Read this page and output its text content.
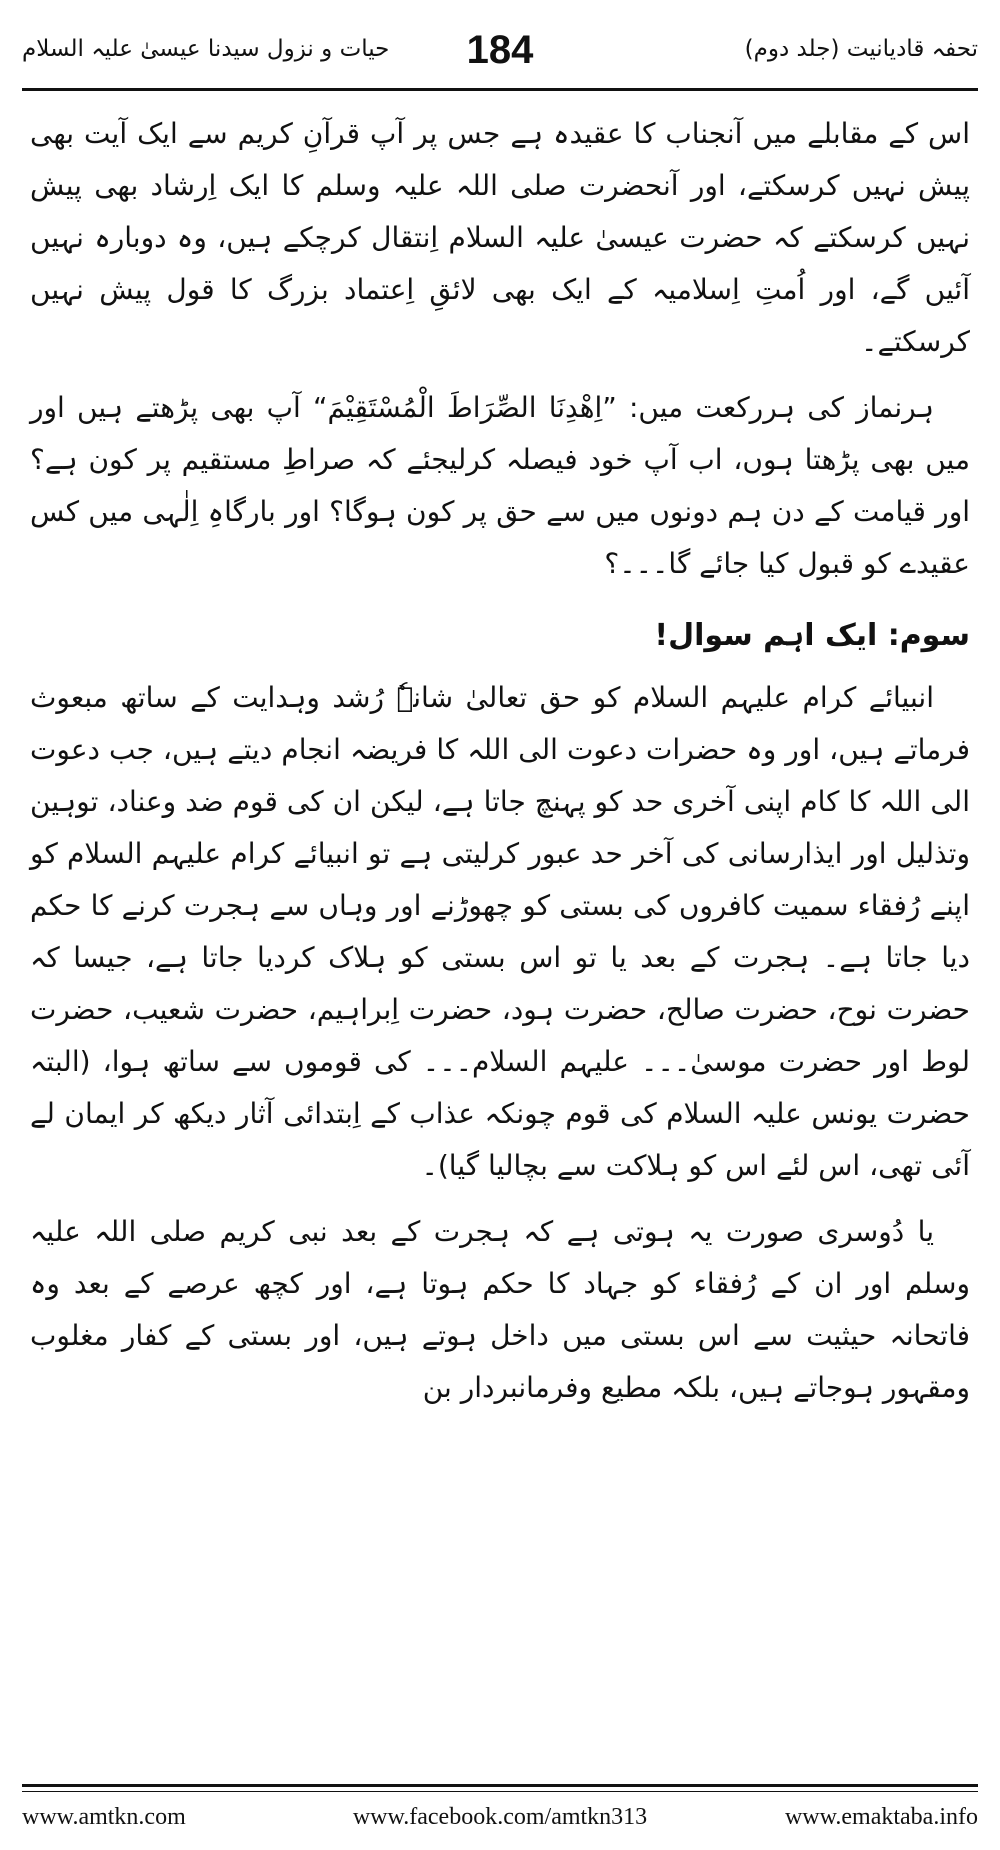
حیات و نزول سیدنا عیسیٰ علیہ السلام	184	تحفہ قادیانیت (جلد دوم)

اس کے مقابلے میں آنجناب کا عقیدہ ہے جس پر آپ قرآنِ کریم سے ایک آیت بھی پیش نہیں کرسکتے، اور آنحضرت صلی اللہ علیہ وسلم کا ایک اِرشاد بھی پیش نہیں کرسکتے کہ حضرت عیسیٰ علیہ السلام اِنتقال کرچکے ہیں، وہ دوبارہ نہیں آئیں گے، اور اُمتِ اِسلامیہ کے ایک بھی لائقِ اِعتماد بزرگ کا قول پیش نہیں کرسکتے۔

ہرنماز کی ہررکعت میں: ”اِھْدِنَا الصِّرَاطَ الْمُسْتَقِیْمَ“ آپ بھی پڑھتے ہیں اور میں بھی پڑھتا ہوں، اب آپ خود فیصلہ کرلیجئے کہ صراطِ مستقیم پر کون ہے؟ اور قیامت کے دن ہم دونوں میں سے حق پر کون ہوگا؟ اور بارگاہِ اِلٰہی میں کس عقیدے کو قبول کیا جائے گا۔۔۔؟

سوم: ایک اہم سوال!

انبیائے کرام علیہم السلام کو حق تعالیٰ شانہٗ رُشد وہدایت کے ساتھ مبعوث فرماتے ہیں، اور وہ حضرات دعوت الی اللہ کا فریضہ انجام دیتے ہیں، جب دعوت الی اللہ کا کام اپنی آخری حد کو پہنچ جاتا ہے، لیکن ان کی قوم ضد وعناد، توہین وتذلیل اور ایذارسانی کی آخر حد عبور کرلیتی ہے تو انبیائے کرام علیہم السلام کو اپنے رُفقاء سمیت کافروں کی بستی کو چھوڑنے اور وہاں سے ہجرت کرنے کا حکم دیا جاتا ہے۔ ہجرت کے بعد یا تو اس بستی کو ہلاک کردیا جاتا ہے، جیسا کہ حضرت نوح، حضرت صالح، حضرت ہود، حضرت اِبراہیم، حضرت شعیب، حضرت لوط اور حضرت موسیٰ۔۔۔ علیہم السلام۔۔۔ کی قوموں سے ساتھ ہوا، (البتہ حضرت یونس علیہ السلام کی قوم چونکہ عذاب کے اِبتدائی آثار دیکھ کر ایمان لے آئی تھی، اس لئے اس کو ہلاکت سے بچالیا گیا)۔

یا دُوسری صورت یہ ہوتی ہے کہ ہجرت کے بعد نبی کریم صلی اللہ علیہ وسلم اور ان کے رُفقاء کو جہاد کا حکم ہوتا ہے، اور کچھ عرصے کے بعد وہ فاتحانہ حیثیت سے اس بستی میں داخل ہوتے ہیں، اور بستی کے کفار مغلوب ومقہور ہوجاتے ہیں، بلکہ مطیع وفرمانبردار بن

www.amtkn.com	www.facebook.com/amtkn313	www.emaktaba.info
